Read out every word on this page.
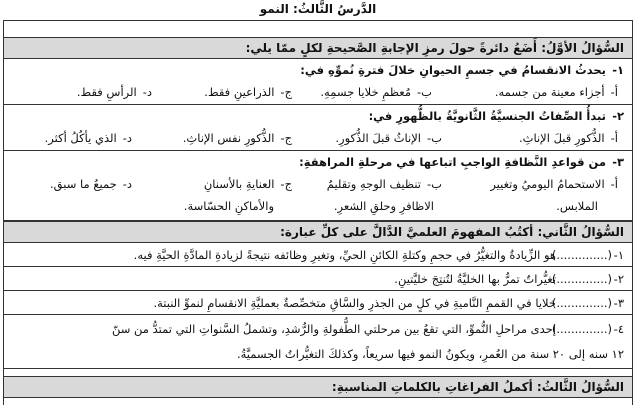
الدَّرسُ الثَّالثُ: النمو
السُّؤالُ الأوَّلُ: أَضَعُ دائرةً حولَ رمزِ الإجابةِ الصَّحيحةِ لكلٍ ممّا يلي:
١-
يحدثُ الانقسامُ في جسمِ الحيوانِ خلالَ فترةِ نُموِّهِ في:
أ-أجزاء معينة من جسمه.
ب-مُعظمِ خلايا جسمِهِ.
ج-الذراعينِ فقط.
د-الرأسِ فقط.
٢-
تبدأُ الصِّفاتُ الجنسيَّةُ الثَّانويَّةُ بالظُّهورِ في:
أ-الذُّكورِ قبلَ الإناثِ.
ب-الإناثُ قبلَ الذُّكورِ.
ج-الذُّكورِ نفس الإناثِ.
د-الذي يأكُلُ أكثر.
٣-
من قواعدِ النَّظافةِ الواجبِ اتباعها في مرحلةِ المراهقةِ:
أ-الاستحمامُ اليوميُ وتغيير
ب-تنظيف الوجهِ وتقليمُ
ج-العنايةِ بالأسنانِ
د-جميعُ ما سبق.
الملابس.
الاظافرِ وحلقِ الشعرِ.
والأماكنِ الحسّاسة.
السُّؤالُ الثَّاني: أكتُبُ المفهومَ العلميَّ الدَّالَّ على كلِّ عبارة:
١-
(..............)
هو الزِّيادةُ والتغيُّرُ في حجمِ وكتلةِ الكائنِ الحيِّ، وتغيرِ وظائفه نتيجةً لزيادةِ المادَّةِ الحيَّةِ فيه.
٢-
(..............)
تغيُّراتٌ تمرُّ بها الخليَّةُ لتُنتِجَ خليَّتينِ.
٣-
(..............)
خلايا في القممِ النَّاميةِ في كلٍ من الجذرِ والسَّاقِ متخصِّصةٌ بعمليَّةِ الانقسامِ لنموِّ النبتة.
٤-
(..............)
إحدى مراحلِ النُّموِّ، التي تقعُ بين مرحلتي الطُّفولةِ والرُّشدِ، وتشملُ السَّنواتِ التي تمتدُّ من سنّ
١٢ سنه إلى ٢٠ سنة من العُمرِ، ويكونُ النمو فيها سريعاً، وكذلكَ التغيُّراتُ الجسميَّةُ.
السُّؤالُ الثَّالثُ: أكملُ الفراغاتِ بالكلماتِ المناسبةِ:
